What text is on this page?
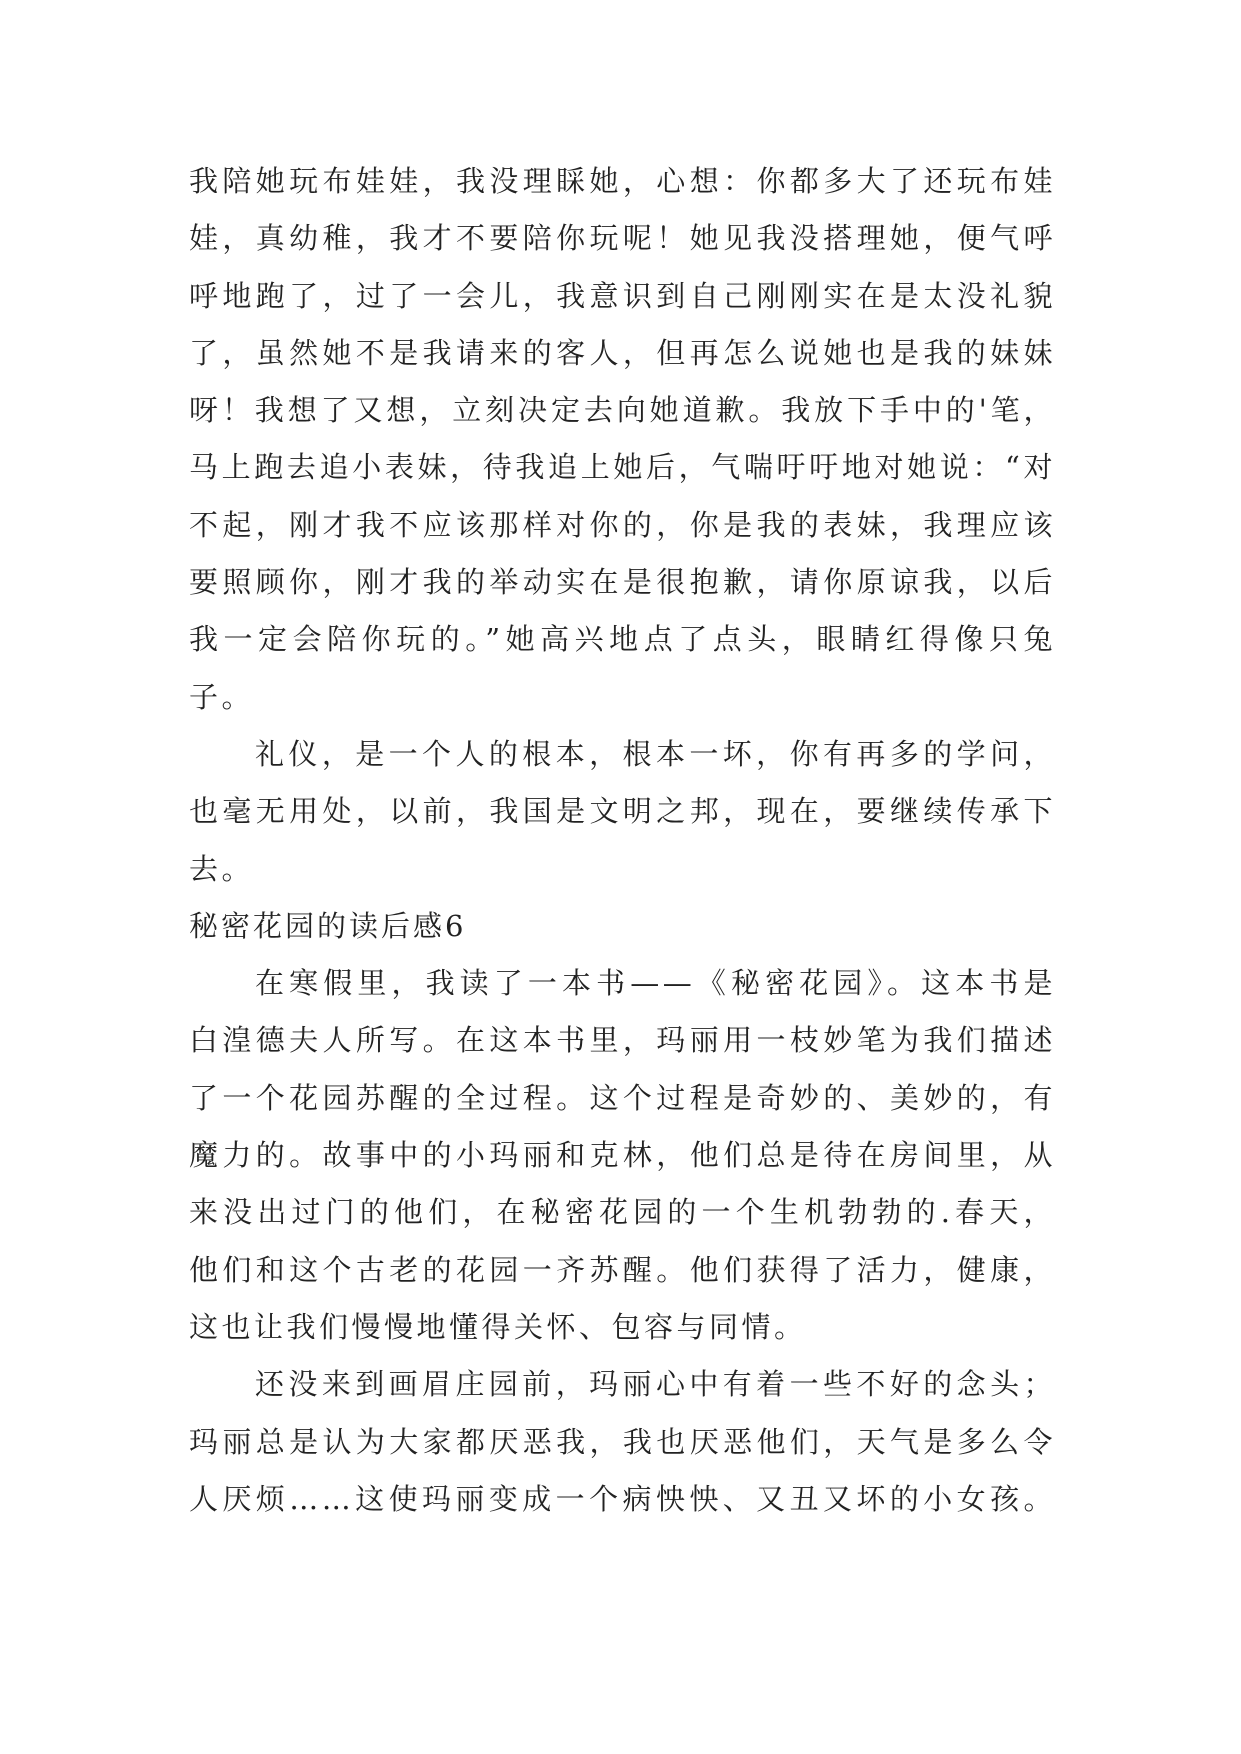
我陪她玩布娃娃，我没理睬她，心想：你都多大了还玩布娃
娃，真幼稚，我才不要陪你玩呢！她见我没搭理她，便气呼
呼地跑了，过了一会儿，我意识到自己刚刚实在是太没礼貌
了，虽然她不是我请来的客人，但再怎么说她也是我的妹妹
呀！我想了又想，立刻决定去向她道歉。我放下手中的'笔，
马上跑去追小表妹，待我追上她后，气喘吁吁地对她说：“对
不起，刚才我不应该那样对你的，你是我的表妹，我理应该
要照顾你，刚才我的举动实在是很抱歉，请你原谅我，以后
我一定会陪你玩的。”她高兴地点了点头，眼睛红得像只兔
子。
礼仪，是一个人的根本，根本一坏，你有再多的学问，
也毫无用处，以前，我国是文明之邦，现在，要继续传承下
去。
秘密花园的读后感6
在寒假里，我读了一本书——《秘密花园》。这本书是
白湟德夫人所写。在这本书里，玛丽用一枝妙笔为我们描述
了一个花园苏醒的全过程。这个过程是奇妙的、美妙的，有
魔力的。故事中的小玛丽和克林，他们总是待在房间里，从
来没出过门的他们，在秘密花园的一个生机勃勃的.春天，
他们和这个古老的花园一齐苏醒。他们获得了活力，健康，
这也让我们慢慢地懂得关怀、包容与同情。
还没来到画眉庄园前，玛丽心中有着一些不好的念头；
玛丽总是认为大家都厌恶我，我也厌恶他们，天气是多么令
人厌烦……这使玛丽变成一个病怏怏、又丑又坏的小女孩。
